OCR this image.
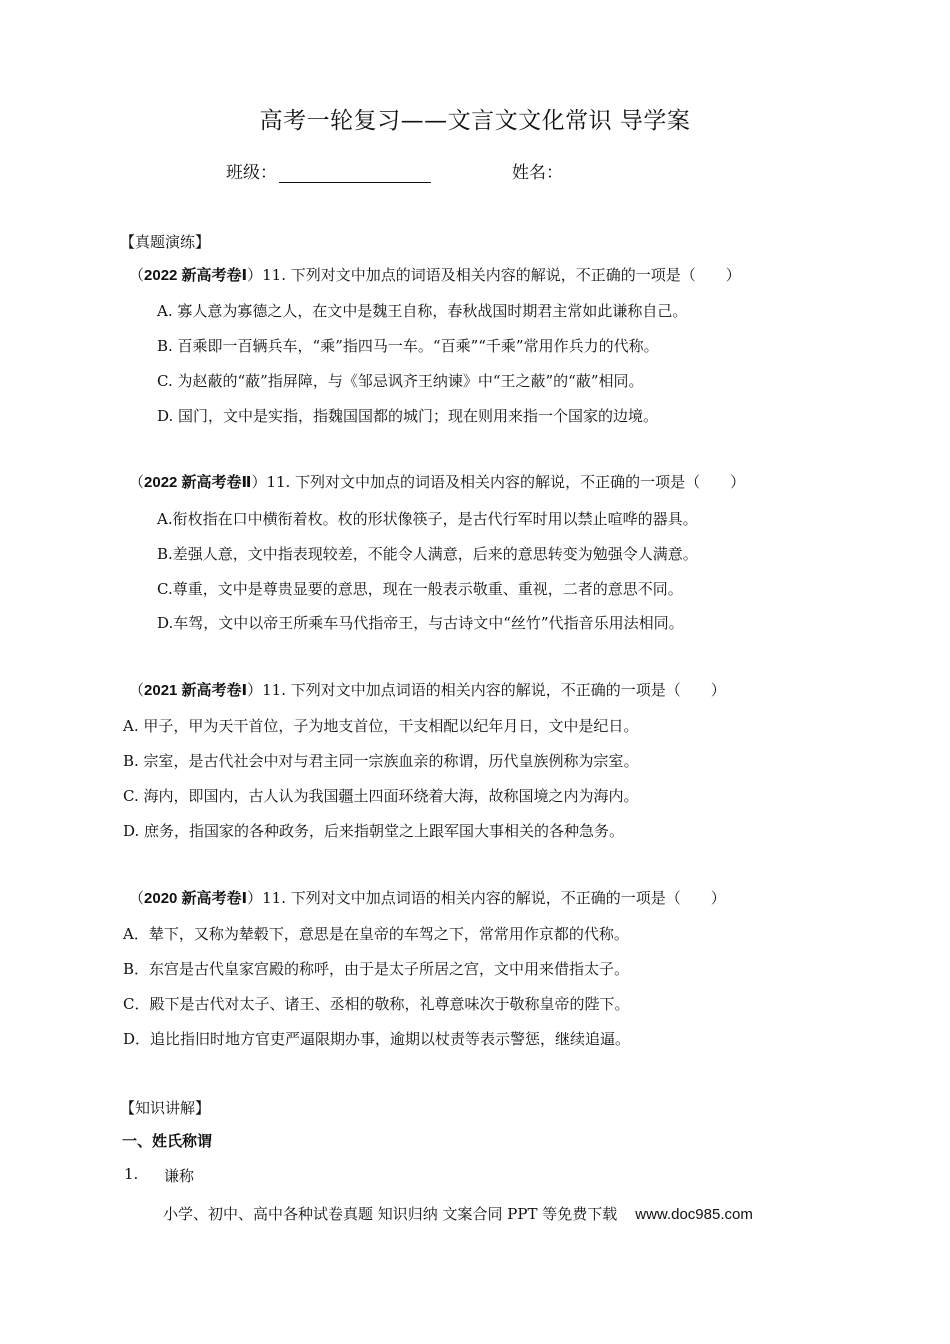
高考一轮复习——文言文文化常识 导学案
班级：	姓名：
【真题演练】
（2022 新高考卷Ⅰ）11. 下列对文中加点的词语及相关内容的解说，不正确的一项是（　　）
A. 寡人意为寡德之人，在文中是魏王自称，春秋战国时期君主常如此谦称自己。
B. 百乘即一百辆兵车，“乘”指四马一车。“百乘”“千乘”常用作兵力的代称。
C. 为赵蔽的“蔽”指屏障，与《邹忌讽齐王纳谏》中“王之蔽”的“蔽”相同。
D. 国门，文中是实指，指魏国国都的城门；现在则用来指一个国家的边境。
（2022 新高考卷Ⅱ）11. 下列对文中加点的词语及相关内容的解说，不正确的一项是（　　）
A.衔枚指在口中横衔着枚。枚的形状像筷子，是古代行军时用以禁止喧哗的器具。
B.差强人意，文中指表现较差，不能令人满意，后来的意思转变为勉强令人满意。
C.尊重，文中是尊贵显要的意思，现在一般表示敬重、重视，二者的意思不同。
D.车驾，文中以帝王所乘车马代指帝王，与古诗文中“丝竹”代指音乐用法相同。
（2021 新高考卷Ⅰ）11. 下列对文中加点词语的相关内容的解说，不正确的一项是（　　）
A. 甲子，甲为天干首位，子为地支首位，干支相配以纪年月日，文中是纪日。
B. 宗室，是古代社会中对与君主同一宗族血亲的称谓，历代皇族例称为宗室。
C. 海内，即国内，古人认为我国疆土四面环绕着大海，故称国境之内为海内。
D. 庶务，指国家的各种政务，后来指朝堂之上跟军国大事相关的各种急务。
（2020 新高考卷Ⅰ）11. 下列对文中加点词语的相关内容的解说，不正确的一项是（　　）
A．辇下，又称为辇毂下，意思是在皇帝的车驾之下，常常用作京都的代称。
B．东宫是古代皇家宫殿的称呼，由于是太子所居之宫，文中用来借指太子。
C．殿下是古代对太子、诸王、丞相的敬称，礼尊意味次于敬称皇帝的陛下。
D．追比指旧时地方官吏严逼限期办事，逾期以杖责等表示警惩，继续追逼。
【知识讲解】
一、姓氏称谓
1. 谦称
小学、初中、高中各种试卷真题 知识归纳 文案合同 PPT 等免费下载 www.doc985.com
